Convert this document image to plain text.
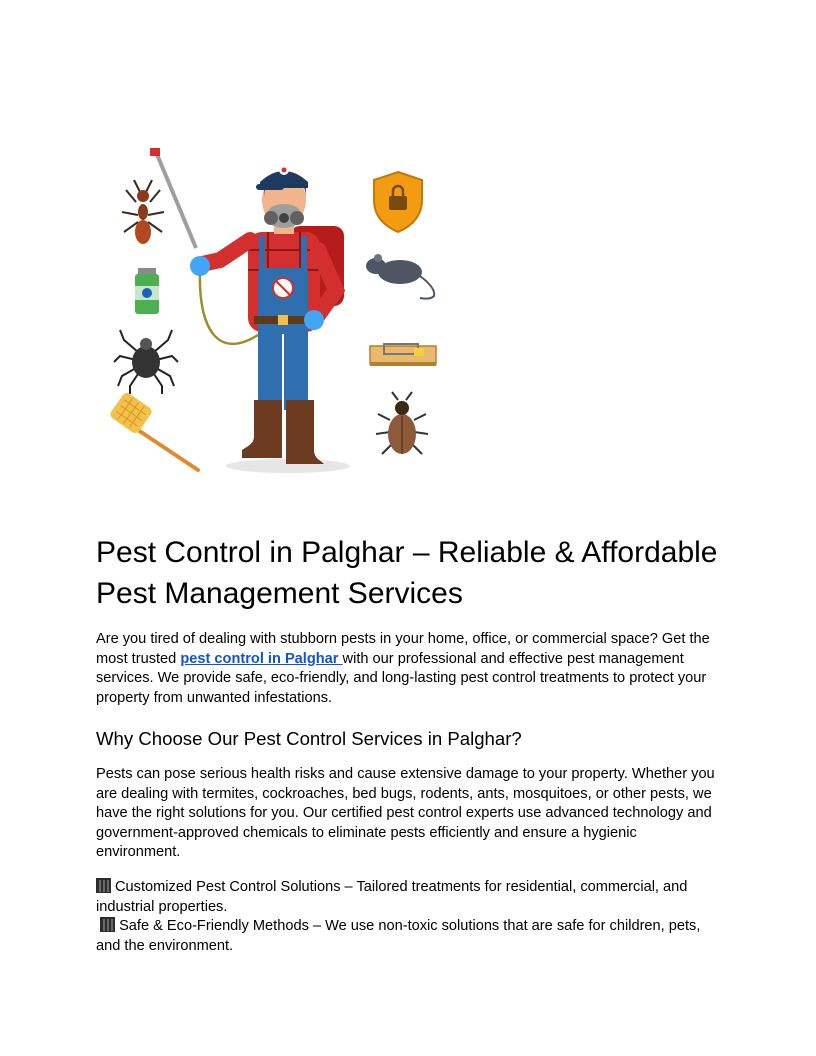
Pest Control in Palghar – Reliable & Affordable Pest Management Services

Are you tired of dealing with stubborn pests in your home, office, or commercial space? Get the most trusted pest control in Palghar with our professional and effective pest management services. We provide safe, eco-friendly, and long-lasting pest control treatments to protect your property from unwanted infestations.

Why Choose Our Pest Control Services in Palghar?

Pests can pose serious health risks and cause extensive damage to your property. Whether you are dealing with termites, cockroaches, bed bugs, rodents, ants, mosquitoes, or other pests, we have the right solutions for you. Our certified pest control experts use advanced technology and government-approved chemicals to eliminate pests efficiently and ensure a hygienic environment.

Customized Pest Control Solutions – Tailored treatments for residential, commercial, and industrial properties.

Safe & Eco-Friendly Methods – We use non-toxic solutions that are safe for children, pets, and the environment.
